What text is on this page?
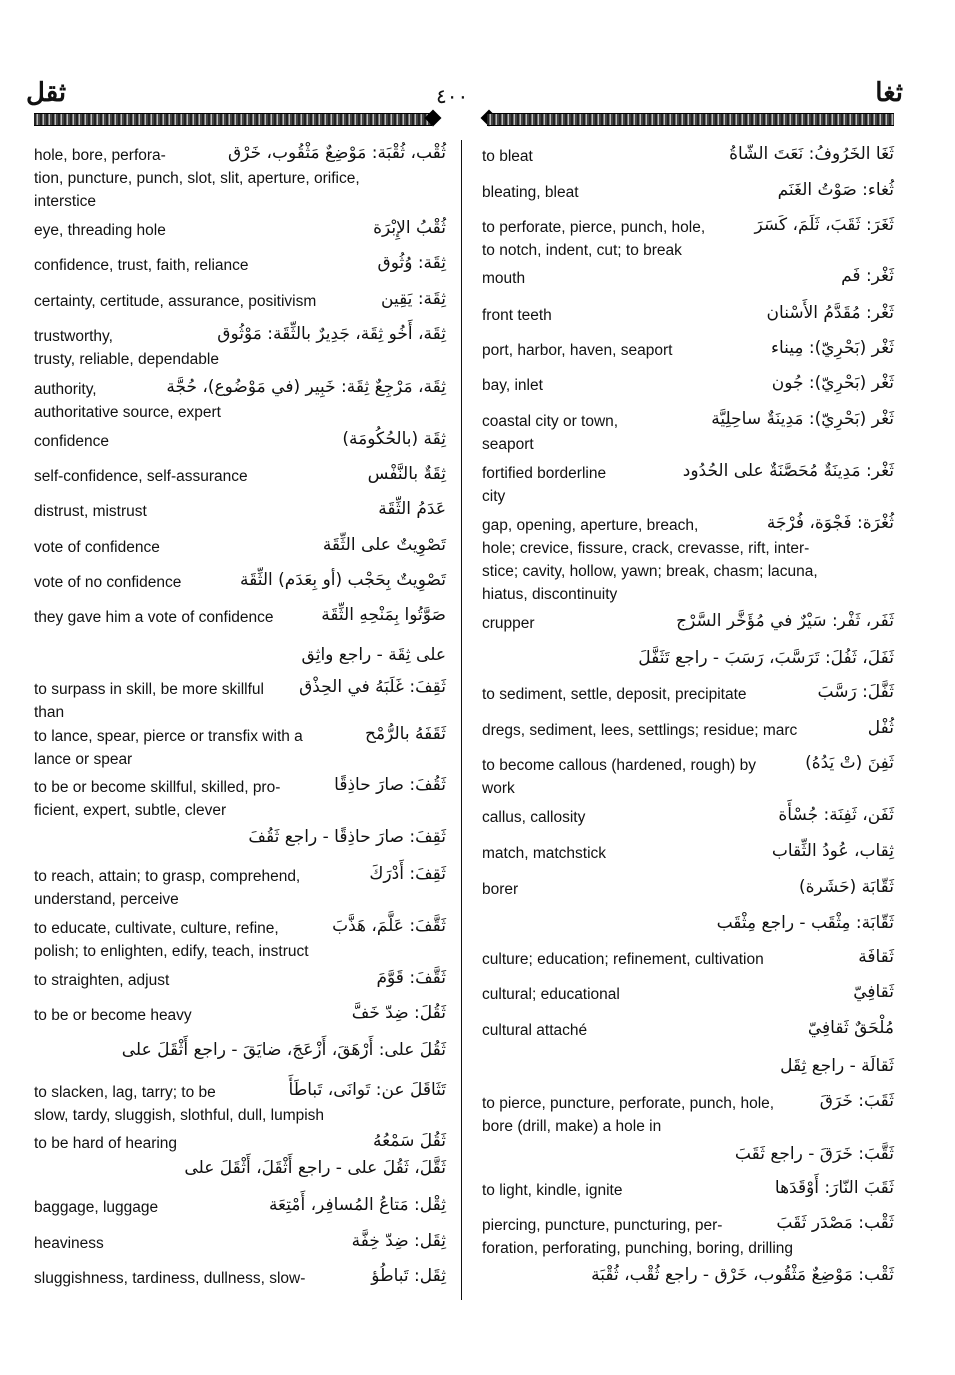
ثقل	٤٠٠	ثغا
ثُقْب، ثُقْبَة: مَوْضِعٌ مَثْقُوب، خَرْق
hole, bore, perfora-
tion, puncture, punch, slot, slit, aperture, orifice,
interstice
ثُقْبُ الإِبْرَة
eye, threading hole
ثِقَة: وُثُوق
confidence, trust, faith, reliance
ثِقَة: يَقِين
certainty, certitude, assurance, positivism
ثِقَة، أَخُو ثِقَة، جَدِيرٌ بالثِّقَة: مَوْثُوق
trustworthy,
trusty, reliable, dependable
ثِقَة، مَرْجِعٌ ثِقَة: خَبِير (في مَوْضُوع)، حُجَّة
authority,
authoritative source, expert
ثِقَة (بالحُكُومَة)
confidence
ثِقَةٌ بالنَّفْس
self-confidence, self-assurance
عَدَمُ الثِّقَة
distrust, mistrust
تَصْوِيتٌ على الثِّقَة
vote of confidence
تَصْوِيتٌ بِحَجْب (أو بِعَدَم) الثِّقَة
vote of no confidence
صَوَّتُوا بِمَنْحِهِ الثِّقَة
they gave him a vote of confidence
على ثِقَة - راجع واثِق
ثَقِفَ: غَلَبَهُ في الحِذْق
to surpass in skill, be more skillful
than
ثَقَفَهُ بالرُّمْح
to lance, spear, pierce or transfix with a
lance or spear
ثَقُفَ: صارَ حاذِقًا
to be or become skillful, skilled, pro-
ficient, expert, subtle, clever
ثَقِفَ: صارَ حاذِقًا - راجع ثَقُفَ
ثَقِفَ: أَدْرَكَ
to reach, attain; to grasp, comprehend,
understand, perceive
ثَقَّفَ: عَلَّمَ، هَذَّبَ
to educate, cultivate, culture, refine,
polish; to enlighten, edify, teach, instruct
ثَقَّفَ: قَوَّمَ
to straighten, adjust
ثَقُلَ: ضِدّ خَفَّ
to be or become heavy
ثَقُلَ على: أَرْهَقَ، أَزْعَجَ، ضايَقَ - راجع أَثْقَلَ على
تَثَاقَلَ عن: تَوانَى، تَباطَأَ
to slacken, lag, tarry; to be
slow, tardy, sluggish, slothful, dull, lumpish
ثَقُلَ سَمْعُهُ
to be hard of hearing
ثَقَّلَ، ثَقُلَ على - راجع أَثْقَلَ، أَثْقَلَ على
ثِقْل: مَتاعُ المُسافِر، أَمْتِعَة
baggage, luggage
ثِقَل: ضِدّ خِفَّة
heaviness
ثِقَل: تَباطُؤ
sluggishness, tardiness, dullness, slow-
ثَغَا الخَرُوفُ: نَعَتَ الشّاةُ
to bleat
ثُغاء: صَوْتُ الغَنَم
bleating, bleat
ثَغَرَ: ثَقَبَ، ثَلَمَ، كَسَرَ
to perforate, pierce, punch, hole,
to notch, indent, cut; to break
ثَغْر: فَم
mouth
ثَغْر: مُقَدَّمُ الأَسْنان
front teeth
ثَغْر (بَحْرِيّ): مِيناء
port, harbor, haven, seaport
ثَغْر (بَحْرِيّ): جُون
bay, inlet
ثَغْر (بَحْرِيّ): مَدِينَةٌ ساحِلِيَّة
coastal city or town,
seaport
ثَغْر: مَدِينَةٌ مُحَصَّنَةٌ على الحُدُود
fortified borderline
city
ثُغْرَة: فَجْوَة، فُرْجَة
gap, opening, aperture, breach,
hole; crevice, fissure, crack, crevasse, rift, inter-
stice; cavity, hollow, yawn; break, chasm; lacuna,
hiatus, discontinuity
ثَفَر، ثَفْر: سَيْرٌ في مُؤَخَّر السَّرْج
crupper
ثَفَلَ، ثَفُلَ: تَرَسَّبَ، رَسَبَ - راجع تَثَفَّلَ
ثَفَّلَ: رَسَّبَ
to sediment, settle, deposit, precipitate
ثُفْل
dregs, sediment, lees, settlings; residue; marc
ثَفِنَ (تْ يَدُهُ)
to become callous (hardened, rough) by
work
ثَفَن، ثَفِنَة: جُسْأَة
callus, callosity
ثِقاب، عُودُ الثِّقاب
match, matchstick
ثَقّابَة (حَشَرة)
borer
ثَقّابَة: مِثْقَب - راجع مِثْقَب
ثَقافَة
culture; education; refinement, cultivation
ثَقافِيّ
cultural; educational
مُلْحَقٌ ثَقافِيّ
cultural attaché
ثَقالَة - راجع ثِقَل
ثَقَبَ: خَرَقَ
to pierce, puncture, perforate, punch, hole,
bore (drill, make) a hole in
ثَقَّبَ: خَرَقَ - راجع ثَقَبَ
ثَقَبَ النّارَ: أَوْقَدَها
to light, kindle, ignite
ثَقْب: مَصْدَر ثَقَبَ
piercing, puncture, puncturing, per-
foration, perforating, punching, boring, drilling
ثَقْب: مَوْضِعٌ مَثْقُوب، خَرْق - راجع ثُقْب، ثُقْبَة
